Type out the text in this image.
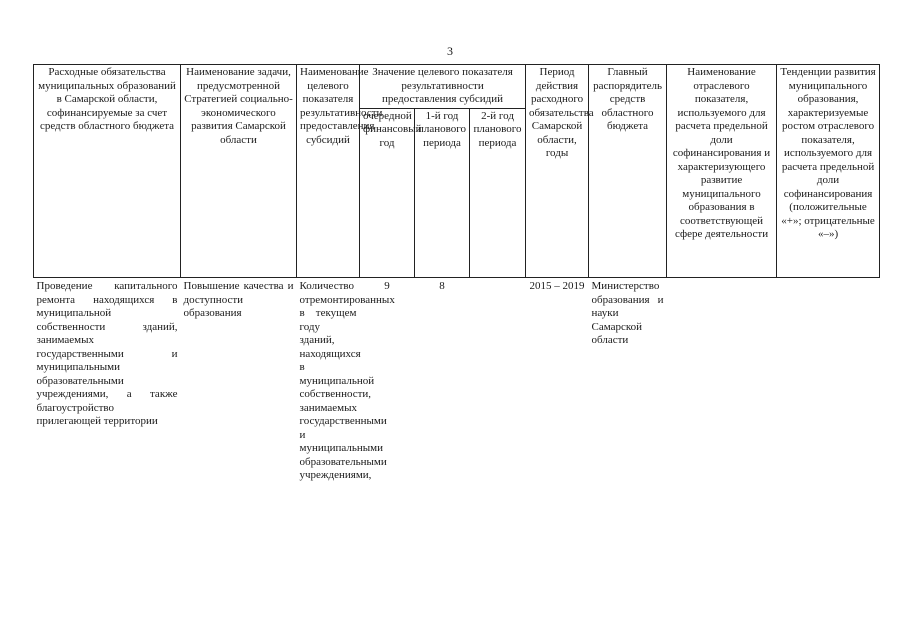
3
Расходные обязательства муниципальных образований в Самарской области, софинансируемые за счет средств областного бюджета	Наименование задачи, предусмотренной Стратегией социально-экономического развития Самарской области	Наименование целевого показателя результативности предоставления субсидий	Значение целевого показателя результативности предоставления субсидий			Период действия расходного обязательства Самарской области, годы	Главный распорядитель средств областного бюджета	Наименование отраслевого показателя, используемого для расчета предельной доли софинансирования и характеризующего развитие муниципального образования в соответствующей сфере деятельности	Тенденции развития муниципального образования, характеризуемые ростом отраслевого показателя, используемого для расчета предельной доли софинансирования (положительные «+»; отрицательные «–»)
			очередной финансовый год	1-й год планового периода	2-й год планового периода				
Проведение капитального ремонта находящихся в муниципальной собственности зданий, занимаемых государственными и муниципальными образовательными учреждениями, а также благоустройство прилегающей территории	Повышение качества и доступности образования	Количество отремонтированных в текущем году зданий, находящихся в муниципальной собственности, занимаемых государственными и муниципальными образовательными учреждениями,	9	8		2015 – 2019	Министерство образования и науки Самарской области		
